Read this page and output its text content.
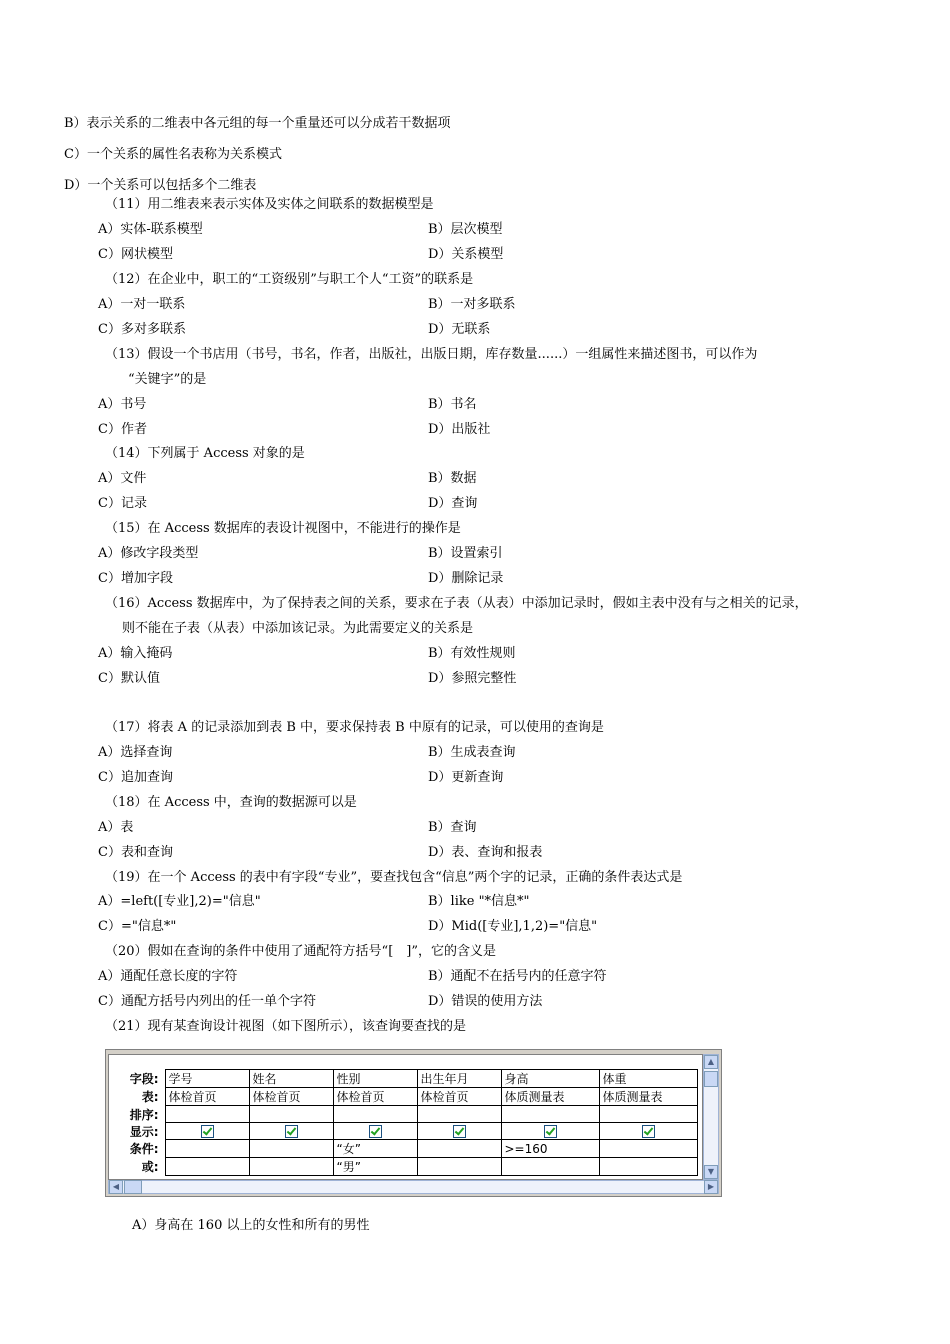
B）表示关系的二维表中各元组的每一个重量还可以分成若干数据项
C）一个关系的属性名表称为关系模式
D）一个关系可以包括多个二维表
（11）用二维表来表示实体及实体之间联系的数据模型是
A）实体-联系模型	B）层次模型
C）网状模型	D）关系模型
（12）在企业中，职工的“工资级别”与职工个人“工资”的联系是
A）一对一联系	B）一对多联系
C）多对多联系	D）无联系
（13）假设一个书店用（书号，书名，作者，出版社，出版日期，库存数量......）一组属性来描述图书，可以作为
“关键字”的是
A）书号	B）书名
C）作者	D）出版社
（14）下列属于 Access 对象的是
A）文件	B）数据
C）记录	D）查询
（15）在 Access 数据库的表设计视图中，不能进行的操作是
A）修改字段类型	B）设置索引
C）增加字段	D）删除记录
（16）Access 数据库中，为了保持表之间的关系，要求在子表（从表）中添加记录时，假如主表中没有与之相关的记录，
则不能在子表（从表）中添加该记录。为此需要定义的关系是
A）输入掩码	B）有效性规则
C）默认值	D）参照完整性
（17）将表 A 的记录添加到表 B 中，要求保持表 B 中原有的记录，可以使用的查询是
A）选择查询	B）生成表查询
C）追加查询	D）更新查询
（18）在 Access 中，查询的数据源可以是
A）表	B）查询
C）表和查询	D）表、查询和报表
（19）在一个 Access 的表中有字段“专业”，要查找包含“信息”两个字的记录，正确的条件表达式是
A）=left([专业],2)="信息"	B）like "*信息*"
C）="信息*"	D）Mid([专业],1,2)="信息"
（20）假如在查询的条件中使用了通配符方括号“[　]”，它的含义是
A）通配任意长度的字符	B）通配不在括号内的任意字符
C）通配方括号内列出的任一单个字符	D）错误的使用方法
（21）现有某查询设计视图（如下图所示），该查询要查找的是
字段:	学号	姓名	性别	出生年月	身高	体重
表:	体检首页	体检首页	体检首页	体检首页	体质测量表	体质测量表
排序:						
显示:						
条件:			“女”		>=160	
或:			“男”			
▲
▼
◀	▶
A）身高在 160 以上的女性和所有的男性
